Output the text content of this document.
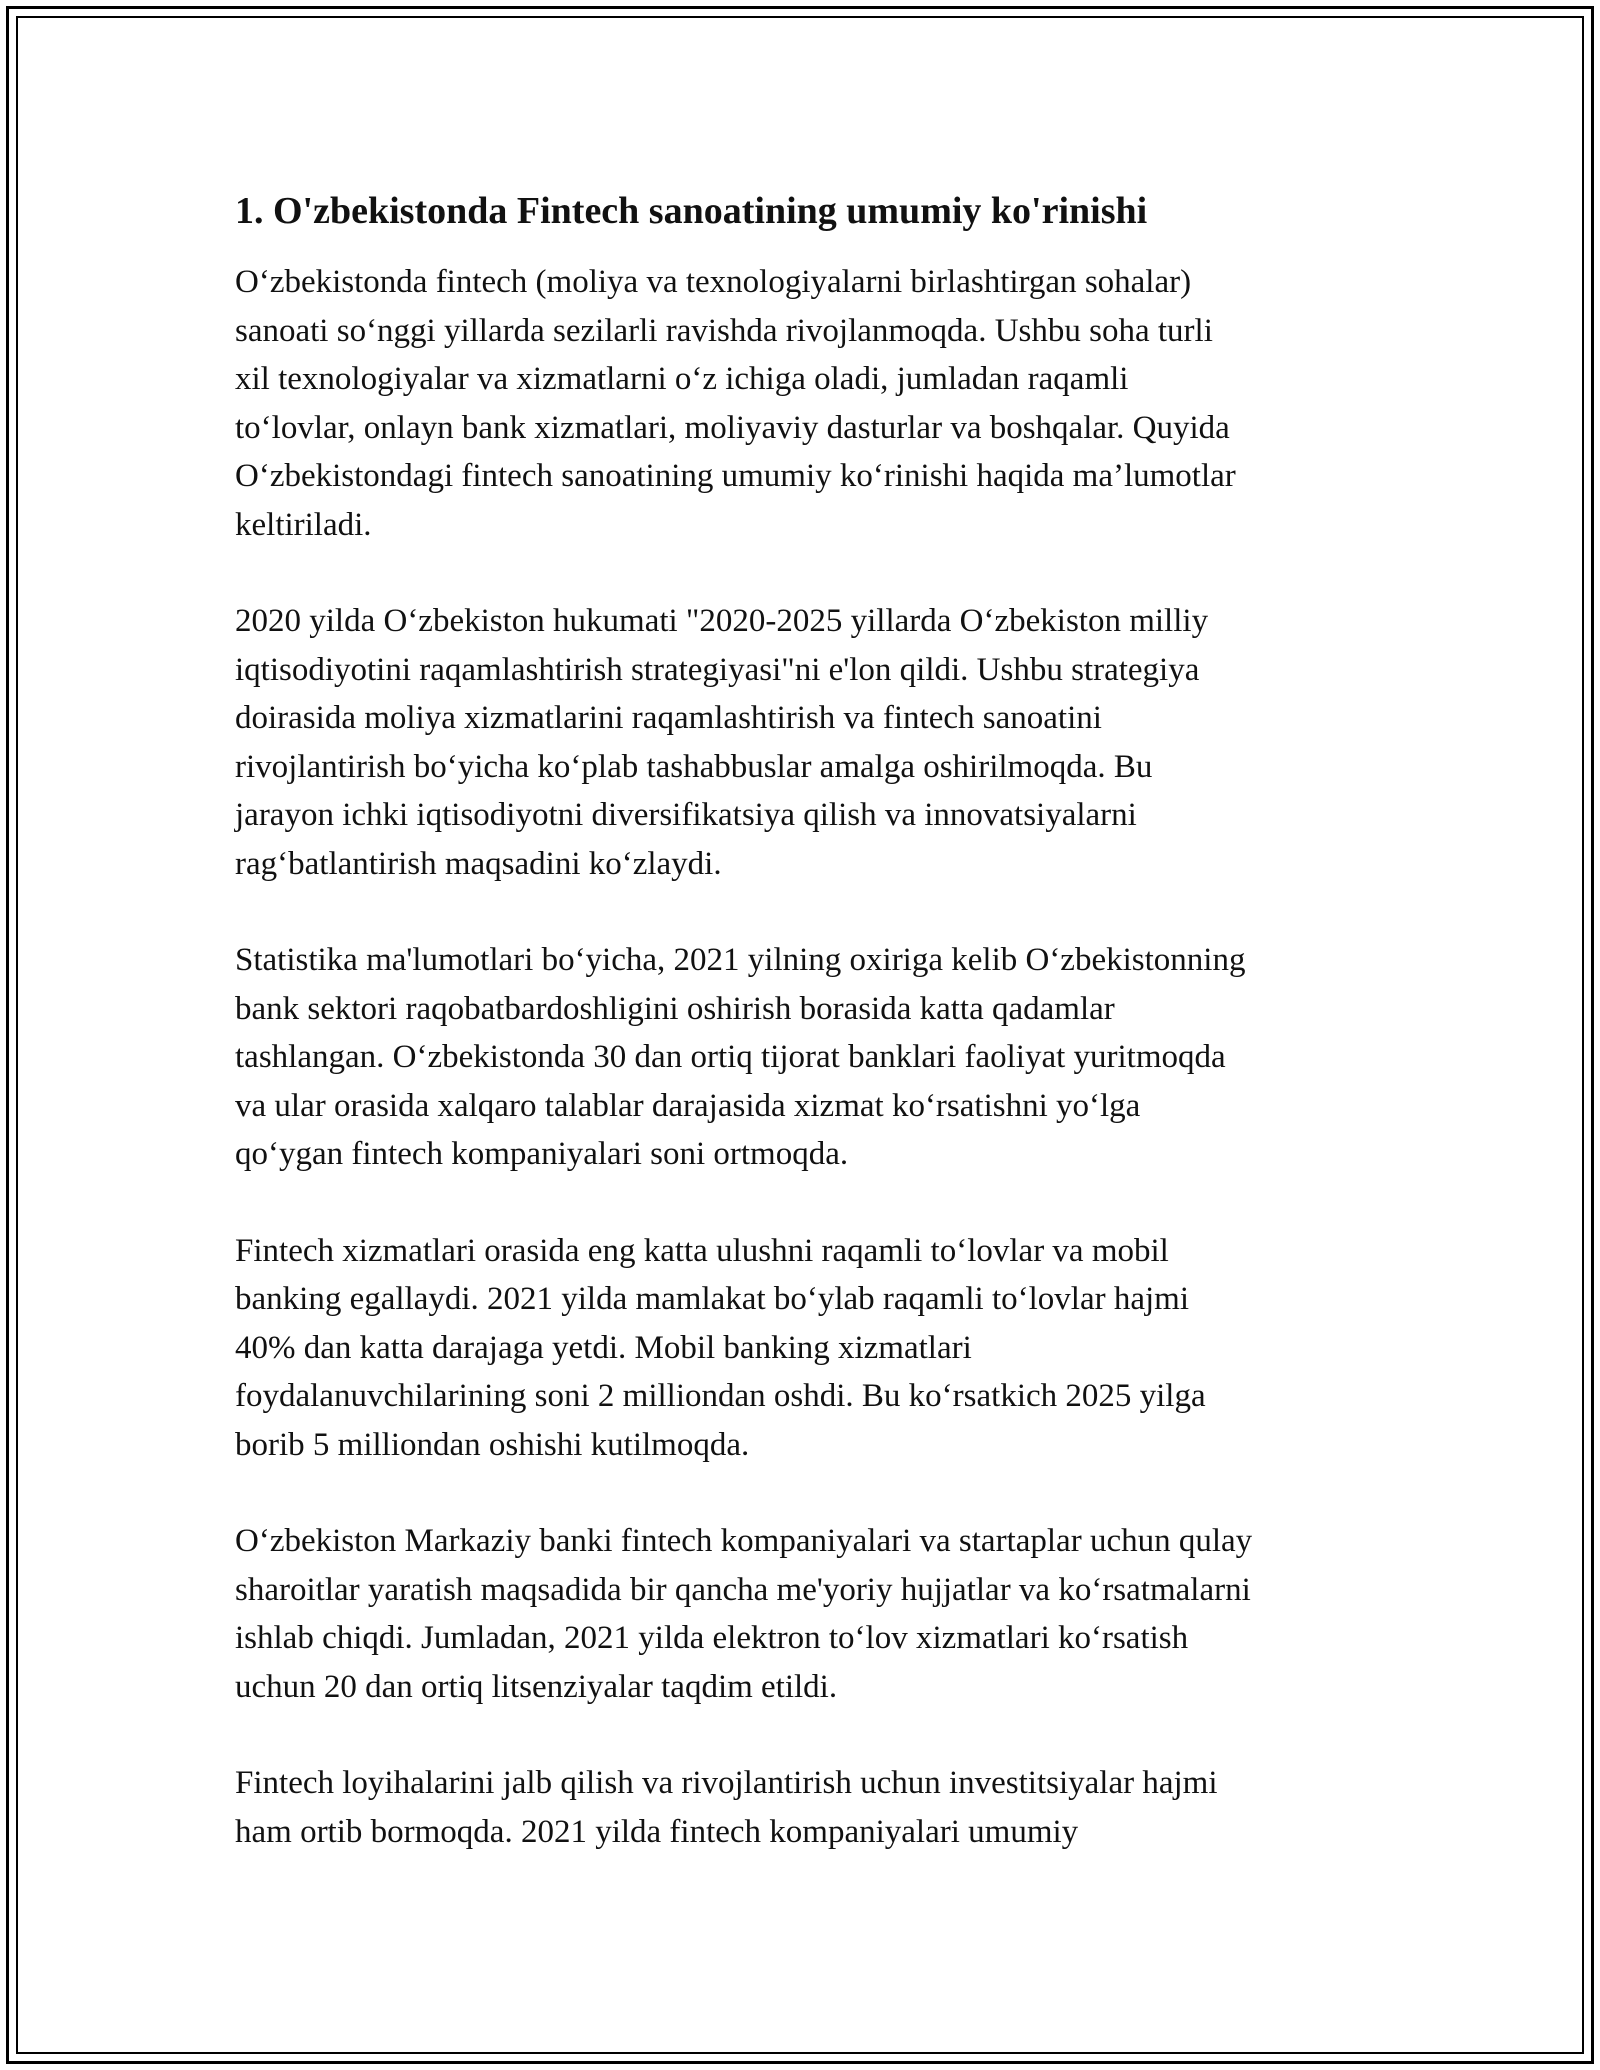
1. O'zbekistonda Fintech sanoatining umumiy ko'rinishi

O‘zbekistonda fintech (moliya va texnologiyalarni birlashtirgan sohalar)
sanoati so‘nggi yillarda sezilarli ravishda rivojlanmoqda. Ushbu soha turli
xil texnologiyalar va xizmatlarni o‘z ichiga oladi, jumladan raqamli
to‘lovlar, onlayn bank xizmatlari, moliyaviy dasturlar va boshqalar. Quyida
O‘zbekistondagi fintech sanoatining umumiy ko‘rinishi haqida ma’lumotlar
keltiriladi.

2020 yilda O‘zbekiston hukumati "2020-2025 yillarda O‘zbekiston milliy
iqtisodiyotini raqamlashtirish strategiyasi"ni e'lon qildi. Ushbu strategiya
doirasida moliya xizmatlarini raqamlashtirish va fintech sanoatini
rivojlantirish bo‘yicha ko‘plab tashabbuslar amalga oshirilmoqda. Bu
jarayon ichki iqtisodiyotni diversifikatsiya qilish va innovatsiyalarni
rag‘batlantirish maqsadini ko‘zlaydi.

Statistika ma'lumotlari bo‘yicha, 2021 yilning oxiriga kelib O‘zbekistonning
bank sektori raqobatbardoshligini oshirish borasida katta qadamlar
tashlangan. O‘zbekistonda 30 dan ortiq tijorat banklari faoliyat yuritmoqda
va ular orasida xalqaro talablar darajasida xizmat ko‘rsatishni yo‘lga
qo‘ygan fintech kompaniyalari soni ortmoqda.

Fintech xizmatlari orasida eng katta ulushni raqamli to‘lovlar va mobil
banking egallaydi. 2021 yilda mamlakat bo‘ylab raqamli to‘lovlar hajmi
40% dan katta darajaga yetdi. Mobil banking xizmatlari
foydalanuvchilarining soni 2 milliondan oshdi. Bu ko‘rsatkich 2025 yilga
borib 5 milliondan oshishi kutilmoqda.

O‘zbekiston Markaziy banki fintech kompaniyalari va startaplar uchun qulay
sharoitlar yaratish maqsadida bir qancha me'yoriy hujjatlar va ko‘rsatmalarni
ishlab chiqdi. Jumladan, 2021 yilda elektron to‘lov xizmatlari ko‘rsatish
uchun 20 dan ortiq litsenziyalar taqdim etildi.

Fintech loyihalarini jalb qilish va rivojlantirish uchun investitsiyalar hajmi
ham ortib bormoqda. 2021 yilda fintech kompaniyalari umumiy
